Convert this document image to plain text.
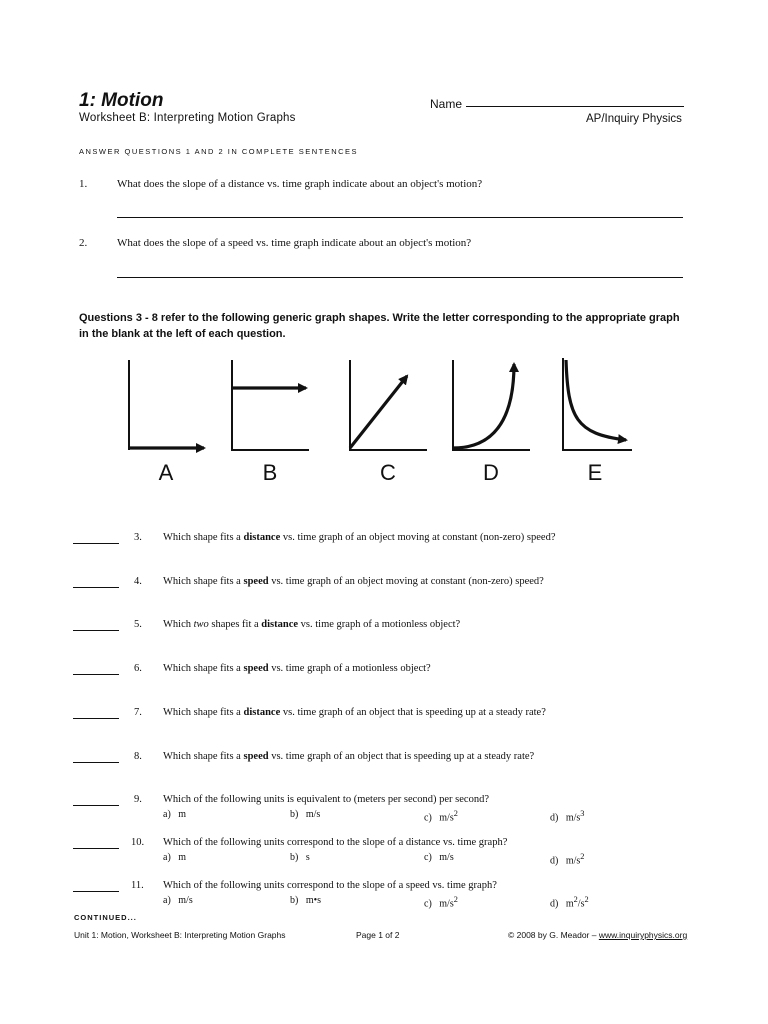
1: Motion
Worksheet B: Interpreting Motion Graphs
Name
AP/Inquiry Physics
ANSWER QUESTIONS 1 AND 2 IN COMPLETE SENTENCES
1.	What does the slope of a distance vs. time graph indicate about an object's motion?
2.	What does the slope of a speed vs. time graph indicate about an object's motion?
Questions 3 - 8 refer to the following generic graph shapes. Write the letter corresponding to the appropriate graph in the blank at the left of each question.
A	B	C	D	E
3. Which shape fits a distance vs. time graph of an object moving at constant (non-zero) speed?
4. Which shape fits a speed vs. time graph of an object moving at constant (non-zero) speed?
5. Which two shapes fit a distance vs. time graph of a motionless object?
6. Which shape fits a speed vs. time graph of a motionless object?
7. Which shape fits a distance vs. time graph of an object that is speeding up at a steady rate?
8. Which shape fits a speed vs. time graph of an object that is speeding up at a steady rate?
9. Which of the following units is equivalent to (meters per second) per second?
a) m	b) m/s	c) $m/s^2$	d) $m/s^3$
10. Which of the following units correspond to the slope of a distance vs. time graph?
a) m	b) s	c) m/s	d) $m/s^2$
11. Which of the following units correspond to the slope of a speed vs. time graph?
a) m/s	b) m•s	c) $m/s^2$	d) $m^2/s^2$
CONTINUED...
Unit 1: Motion, Worksheet B: Interpreting Motion Graphs	Page 1 of 2	© 2008 by G. Meador – www.inquiryphysics.org
